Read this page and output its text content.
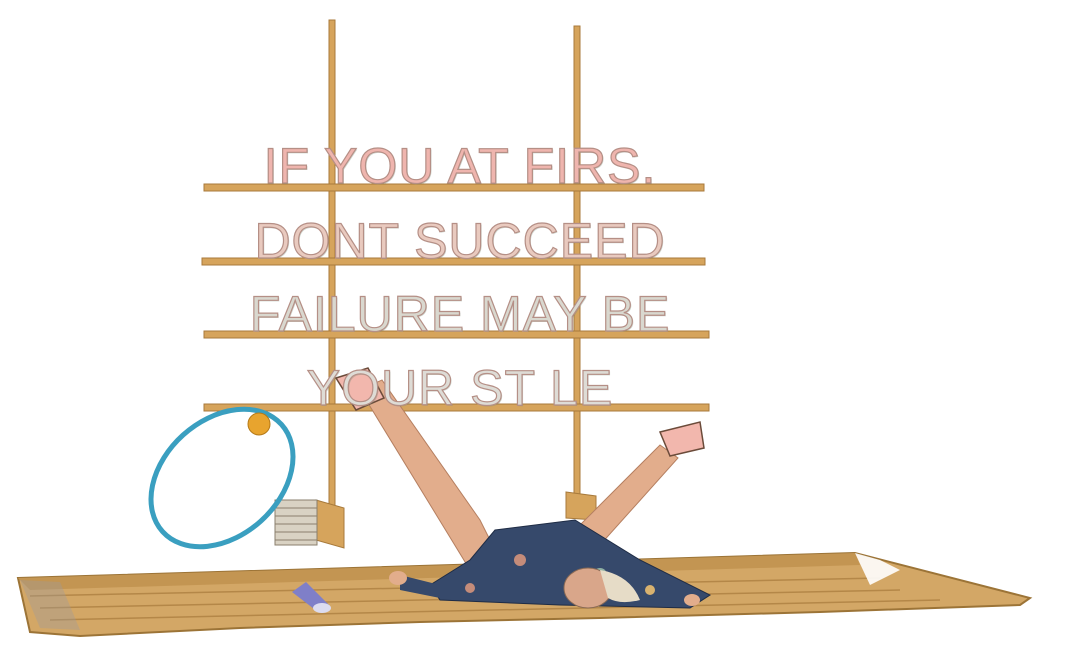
IF YOU AT FIRS.
DONT SUCCEED
FAILURE MAY BE
YOUR ST LE
